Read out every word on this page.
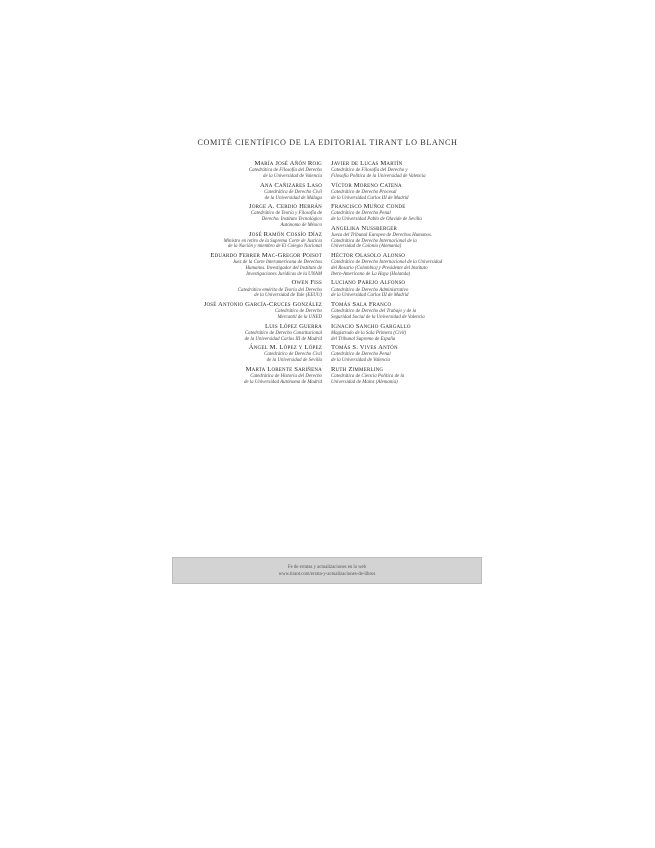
COMITÉ CIENTÍFICO DE LA EDITORIAL TIRANT LO BLANCH
María José Añón Roig
Catedrática de Filosofía del Derecho
de la Universidad de Valencia
Ana Cañizares Laso
Catedrática de Derecho Civil
de la Universidad de Málaga
Jorge A. Cerdio Herrán
Catedrático de Teoría y Filosofía de
Derecho. Instituto Tecnológico
Autónomo de México
José Ramón Cossío Díaz
Ministro en retiro de la Suprema Corte de Justicia
de la Nación y miembro de El Colegio Nacional
Eduardo Ferrer Mac-Gregor Poisot
Juez de la Corte Interamericana de Derechos
Humanos. Investigador del Instituto de
Investigaciones Jurídicas de la UNAM
Owen Fiss
Catedrático emérito de Teoría del Derecho
de la Universidad de Yale (EEUU)
José Antonio García-Cruces González
Catedrático de Derecho
Mercantil de la UNED
Luis López Guerra
Catedrático de Derecho Constitucional
de la Universidad Carlos III de Madrid
Ángel M. López y López
Catedrático de Derecho Civil
de la Universidad de Sevilla
Marta Lorente Sariñena
Catedrática de Historia del Derecho
de la Universidad Autónoma de Madrid
Javier de Lucas Martín
Catedrático de Filosofía del Derecho y
Filosofía Política de la Universidad de Valencia
Víctor Moreno Catena
Catedrático de Derecho Procesal
de la Universidad Carlos III de Madrid
Francisco Muñoz Conde
Catedrático de Derecho Penal
de la Universidad Pablo de Olavide de Sevilla
Angelika Nussberger
Jueza del Tribunal Europeo de Derechos Humanos.
Catedrática de Derecho Internacional de la
Universidad de Colonia (Alemania)
Héctor Olasolo Alonso
Catedrático de Derecho Internacional de la Universidad
del Rosario (Colombia) y Presidente del Instituto
Ibero-Americano de La Haya (Holanda)
Luciano Parejo Alfonso
Catedrático de Derecho Administrativo
de la Universidad Carlos III de Madrid
Tomás Sala Franco
Catedrático de Derecho del Trabajo y de la
Seguridad Social de la Universidad de Valencia
Ignacio Sancho Gargallo
Magistrado de la Sala Primera (Civil)
del Tribunal Supremo de España
Tomás S. Vives Antón
Catedrático de Derecho Penal
de la Universidad de Valencia
Ruth Zimmerling
Catedrática de Ciencia Política de la
Universidad de Mainz (Alemania)
Fe de erratas y actualizaciones en la web
www.tirant.com/errata-y-actualizaciones-de-libros
